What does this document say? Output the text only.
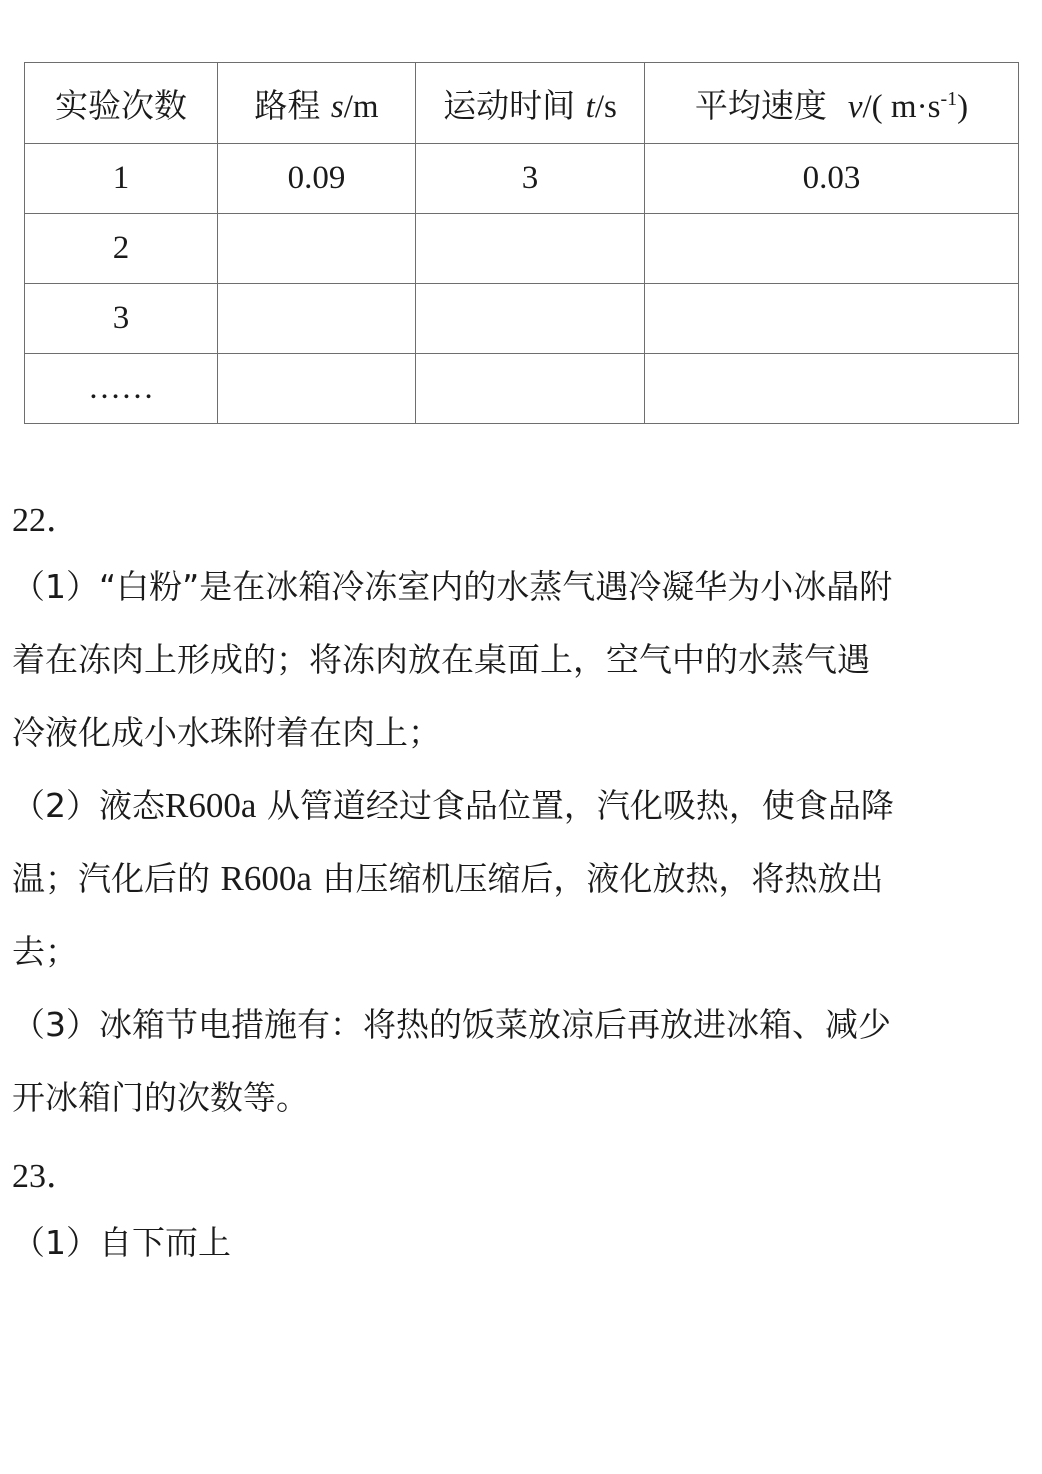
实验次数	路程 s/m	运动时间 t/s	平均速度 v/( $m\cdot s^{-1}$)
1	0.09	3	0.03
2			
3			
……			
22．
（1）“白粉”是在冰箱冷冻室内的水蒸气遇冷凝华为小冰晶附
着在冻肉上形成的；将冻肉放在桌面上，空气中的水蒸气遇
冷液化成小水珠附着在肉上；
（2）液态R600a 从管道经过食品位置，汽化吸热，使食品降
温；汽化后的 R600a 由压缩机压缩后，液化放热，将热放出
去；
（3）冰箱节电措施有：将热的饭菜放凉后再放进冰箱、减少
开冰箱门的次数等。
23．
（1）自下而上
